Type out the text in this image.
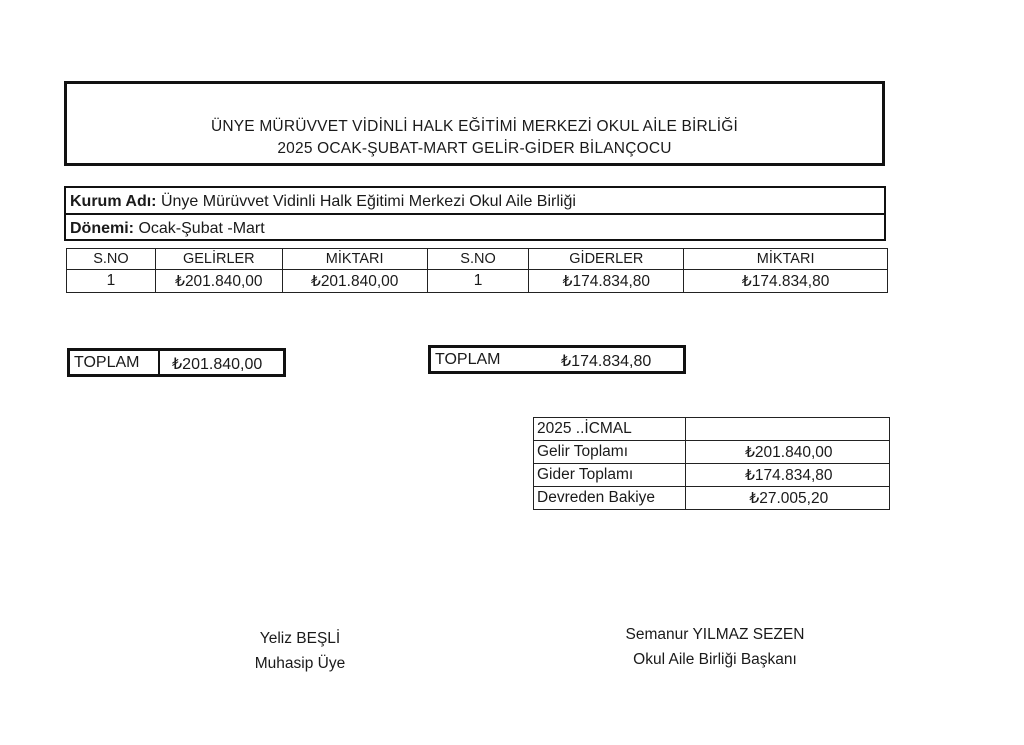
ÜNYE MÜRÜVVET VİDİNLİ HALK EĞİTİMİ MERKEZİ OKUL AİLE BİRLİĞİ
2025 OCAK-ŞUBAT-MART GELİR-GİDER BİLANÇOCU
Kurum Adı: Ünye Mürüvvet Vidinli Halk Eğitimi Merkezi Okul Aile Birliği
Dönemi: Ocak-Şubat -Mart
S.NO	GELİRLER	MİKTARI	S.NO	GİDERLER	MİKTARI
1	₺201.840,00	₺201.840,00	1	₺174.834,80	₺174.834,80
TOPLAM ₺201.840,00	TOPLAM	₺174.834,80
2025 ..İCMAL	
Gelir Toplamı	₺201.840,00
Gider Toplamı	₺174.834,80
Devreden Bakiye	₺27.005,20
Yeliz BEŞLİ
Muhasip Üye
Semanur YILMAZ SEZEN
Okul Aile Birliği Başkanı
